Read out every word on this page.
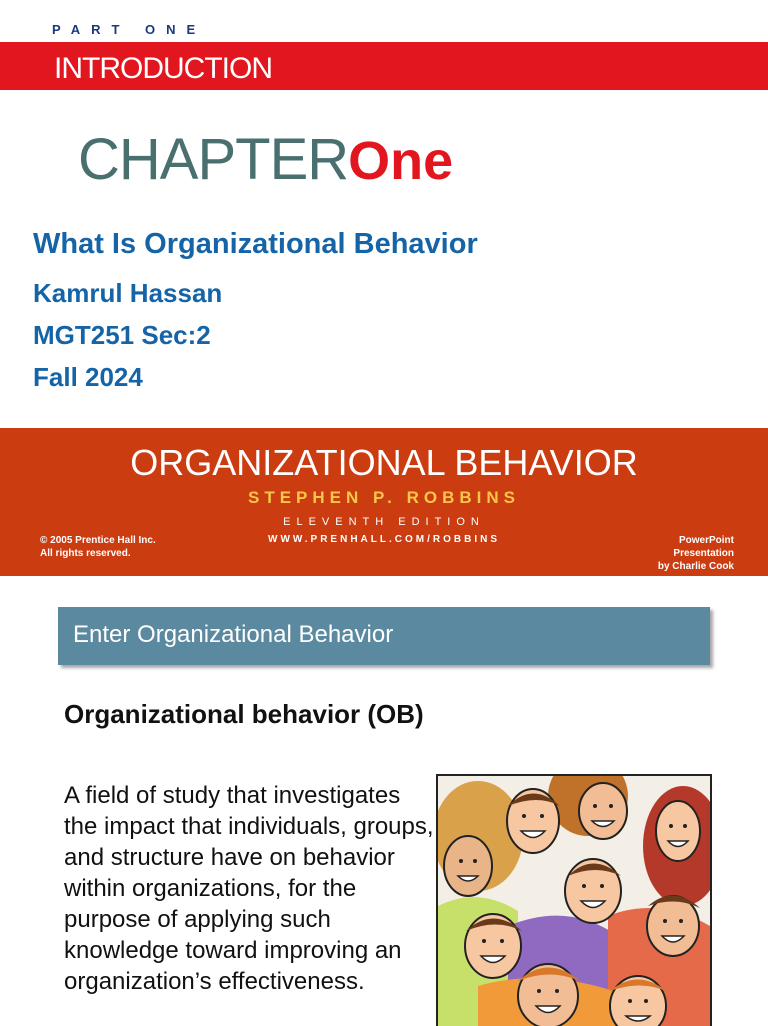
PART ONE
INTRODUCTION
CHAPTEROne
What Is Organizational Behavior
Kamrul Hassan
MGT251 Sec:2
Fall 2024
ORGANIZATIONAL BEHAVIOR
STEPHEN P. ROBBINS
ELEVENTH EDITION
WWW.PRENHALL.COM/ROBBINS
© 2005 Prentice Hall Inc.
All rights reserved.
PowerPoint
Presentation
by Charlie Cook
Enter Organizational Behavior
Organizational behavior (OB)
A field of study that investigates the impact that individuals, groups, and structure have on behavior within organizations, for the purpose of applying such knowledge toward improving an organization’s effectiveness.
